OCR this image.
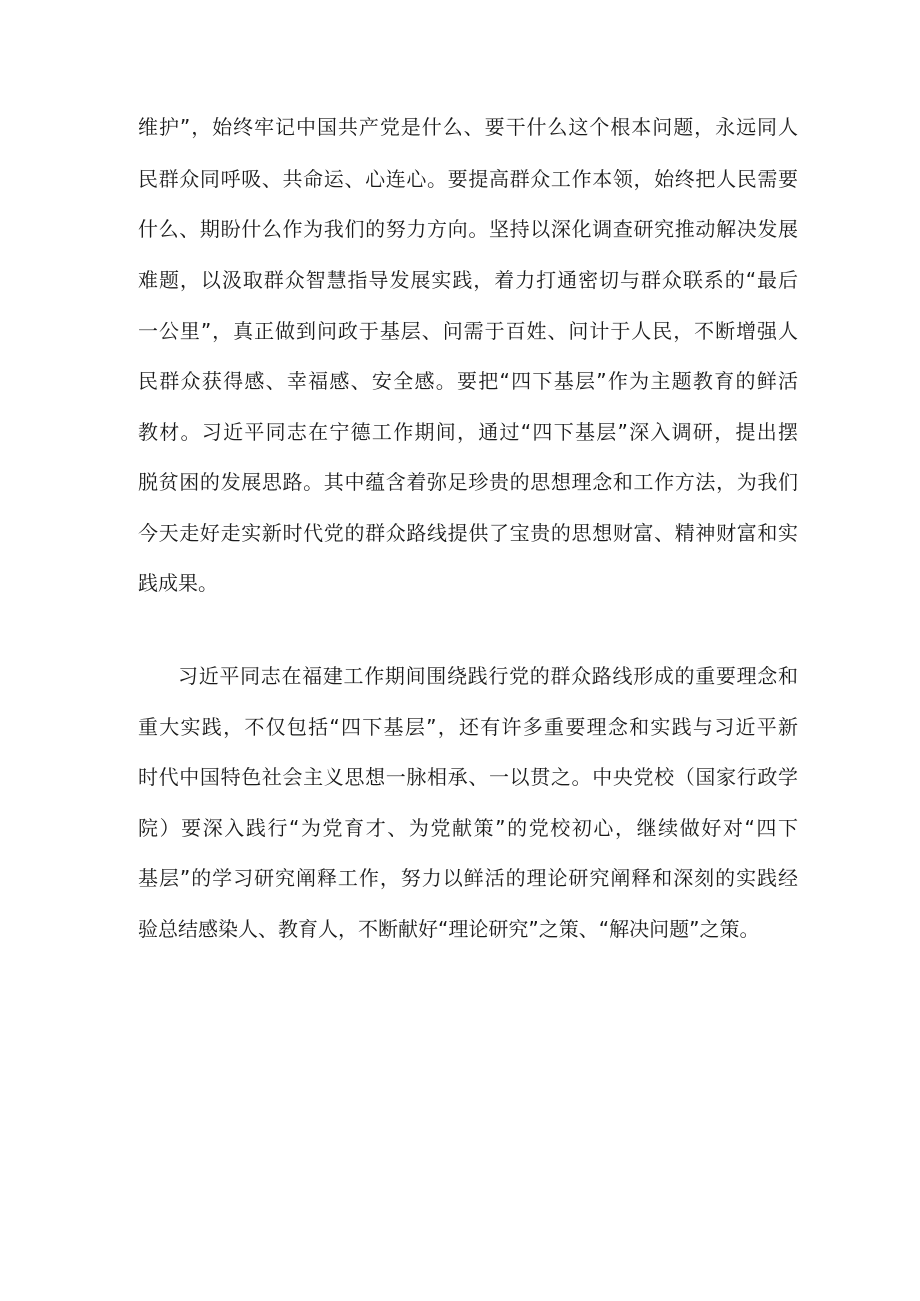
维护”，始终牢记中国共产党是什么、要干什么这个根本问题，永远同人
民群众同呼吸、共命运、心连心。要提高群众工作本领，始终把人民需要
什么、期盼什么作为我们的努力方向。坚持以深化调查研究推动解决发展
难题，以汲取群众智慧指导发展实践，着力打通密切与群众联系的“最后
一公里”，真正做到问政于基层、问需于百姓、问计于人民，不断增强人
民群众获得感、幸福感、安全感。要把“四下基层”作为主题教育的鲜活
教材。习近平同志在宁德工作期间，通过“四下基层”深入调研，提出摆
脱贫困的发展思路。其中蕴含着弥足珍贵的思想理念和工作方法，为我们
今天走好走实新时代党的群众路线提供了宝贵的思想财富、精神财富和实
践成果。
习近平同志在福建工作期间围绕践行党的群众路线形成的重要理念和
重大实践，不仅包括“四下基层”，还有许多重要理念和实践与习近平新
时代中国特色社会主义思想一脉相承、一以贯之。中央党校（国家行政学
院）要深入践行“为党育才、为党献策”的党校初心，继续做好对“四下
基层”的学习研究阐释工作，努力以鲜活的理论研究阐释和深刻的实践经
验总结感染人、教育人，不断献好“理论研究”之策、“解决问题”之策。
